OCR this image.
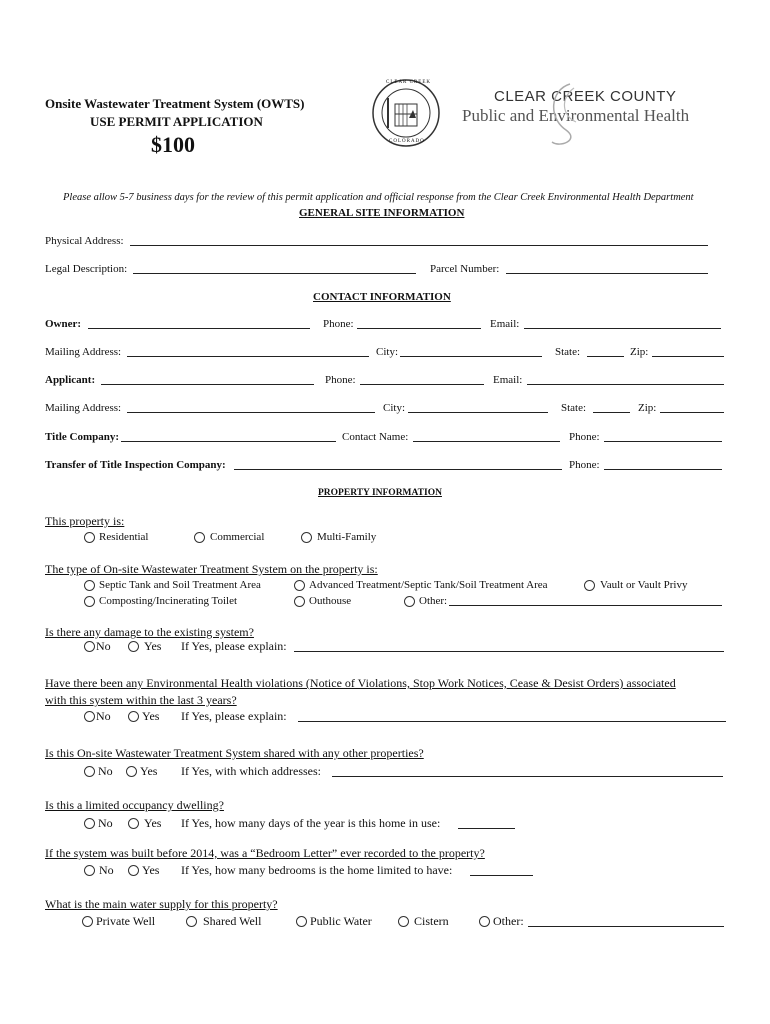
Onsite Wastewater Treatment System (OWTS)
USE PERMIT APPLICATION
$100
CLEAR CREEK
COLORADO
CLEAR CREEK COUNTY
Public and Environmental Health
Please allow 5-7 business days for the review of this permit application and official response from the Clear Creek Environmental Health Department
GENERAL SITE INFORMATION
Physical Address:
Legal Description:	Parcel Number:
CONTACT INFORMATION
Owner:	Phone:	Email:
Mailing Address:	City:	State:	Zip:
Applicant:	Phone:	Email:
Mailing Address:	City:	State:	Zip:
Title Company:	Contact Name:	Phone:
Transfer of Title Inspection Company:	Phone:
PROPERTY INFORMATION
This property is:
Residential	Commercial	Multi-Family
The type of On-site Wastewater Treatment System on the property is:
Septic Tank and Soil Treatment Area	Advanced Treatment/Septic Tank/Soil Treatment Area	Vault or Vault Privy
Composting/Incinerating Toilet	Outhouse	Other:
Is there any damage to the existing system?
No	Yes If Yes, please explain:
Have there been any Environmental Health violations (Notice of Violations, Stop Work Notices, Cease & Desist Orders) associated
with this system within the last 3 years?
No	Yes If Yes, please explain:
Is this On-site Wastewater Treatment System shared with any other properties?
No Yes If Yes, with which addresses:
Is this a limited occupancy dwelling?
No	Yes If Yes, how many days of the year is this home in use:
If the system was built before 2014, was a “Bedroom Letter” ever recorded to the property?
No Yes If Yes, how many bedrooms is the home limited to have:
What is the main water supply for this property?
Private Well	Shared Well	Public Water	Cistern	Other:
